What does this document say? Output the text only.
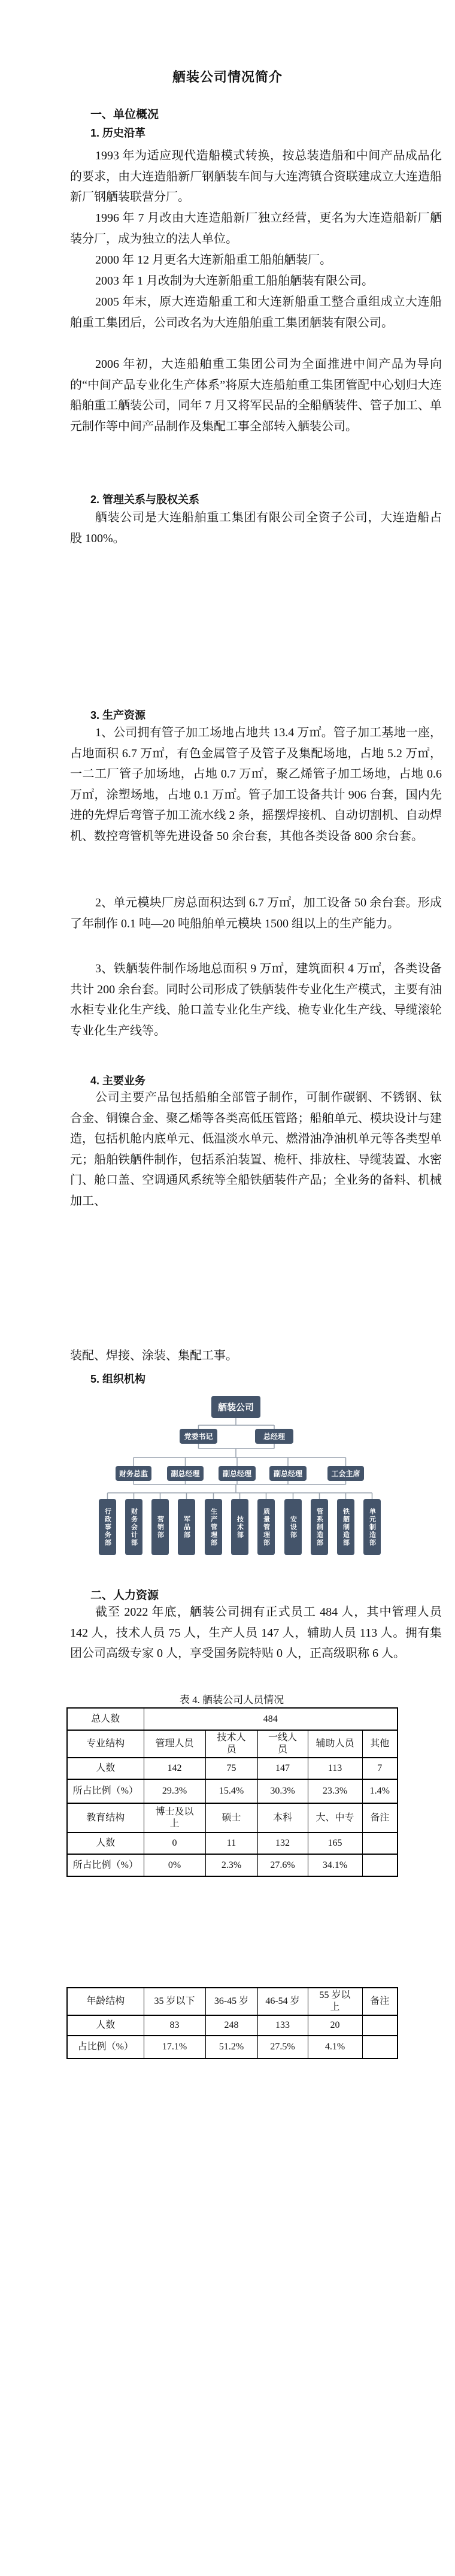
舾装公司情况简介
一、单位概况
1. 历史沿革

1993 年为适应现代造船模式转换，按总装造船和中间产品成品化的要求，由大连造船新厂钢舾装车间与大连湾镇合资联建成立大连造船新厂钢舾装联营分厂。

1996 年 7 月改由大连造船新厂独立经营，更名为大连造船新厂舾装分厂，成为独立的法人单位。

2000 年 12 月更名大连新船重工船舶舾装厂。

2003 年 1 月改制为大连新船重工船舶舾装有限公司。

2005 年末，原大连造船重工和大连新船重工整合重组成立大连船舶重工集团后，公司改名为大连船舶重工集团舾装有限公司。

2006 年初，大连船舶重工集团公司为全面推进中间产品为导向的“中间产品专业化生产体系”将原大连船舶重工集团管配中心划归大连船舶重工舾装公司，同年 7 月又将军民品的全船舾装件、管子加工、单元制作等中间产品制作及集配工事全部转入舾装公司。

2. 管理关系与股权关系

舾装公司是大连船舶重工集团有限公司全资子公司，大连造船占股 100%。

3. 生产资源

1、公司拥有管子加工场地占地共 13.4 万㎡。管子加工基地一座，占地面积 6.7 万㎡，有色金属管子及管子及集配场地，占地 5.2 万㎡，一二工厂管子加场地，占地 0.7 万㎡，聚乙烯管子加工场地，占地 0.6 万㎡，涂塑场地，占地 0.1 万㎡。管子加工设备共计 906 台套，国内先进的先焊后弯管子加工流水线 2 条，摇摆焊接机、自动切割机、自动焊机、数控弯管机等先进设备 50 余台套，其他各类设备 800 余台套。

2、单元模块厂房总面积达到 6.7 万㎡，加工设备 50 余台套。形成了年制作 0.1 吨—20 吨船舶单元模块 1500 组以上的生产能力。

3、铁舾装件制作场地总面积 9 万㎡，建筑面积 4 万㎡，各类设备共计 200 余台套。同时公司形成了铁舾装件专业化生产模式，主要有油水柜专业化生产线、舱口盖专业化生产线、桅专业化生产线、导缆滚轮专业化生产线等。

4. 主要业务

公司主要产品包括船舶全部管子制作，可制作碳钢、不锈钢、钛合金、铜镍合金、聚乙烯等各类高低压管路；船舶单元、模块设计与建造，包括机舱内底单元、低温淡水单元、燃滑油净油机单元等各类型单元；船舶铁舾件制作，包括系泊装置、桅杆、排放柱、导缆装置、水密门、舱口盖、空调通风系统等全船铁舾装件产品；全业务的备料、机械加工、

装配、焊接、涂装、集配工事。

5. 组织机构
舾装公司
党委书记	总经理
财务总监	副总经理	副总经理	副总经理	工会主席
行政事务部	财务会计部	营销部	军品部	生产管理部	技术部	质量管理部	安设部	管系制造部	铁舾制造部	单元制造部
二、人力资源

截至 2022 年底，舾装公司拥有正式员工 484 人，其中管理人员 142 人，技术人员 75 人，生产人员 147 人，辅助人员 113 人。拥有集团公司高级专家 0 人，享受国务院特贴 0 人，正高级职称 6 人。

表 4. 舾装公司人员情况
总人数	484				
专业结构	管理人员	技术人员	一线人员	辅助人员	其他
人数	142	75	147	113	7
所占比例（%）	29.3%	15.4%	30.3%	23.3%	1.4%
教育结构	博士及以上	硕士	本科	大、中专	备注
人数	0	11	132	165	
所占比例（%）	0%	2.3%	27.6%	34.1%	
年龄结构	35 岁以下	36-45 岁	46-54 岁	55 岁以上	备注
人数	83	248	133	20	
占比例（%）	17.1%	51.2%	27.5%	4.1%	
